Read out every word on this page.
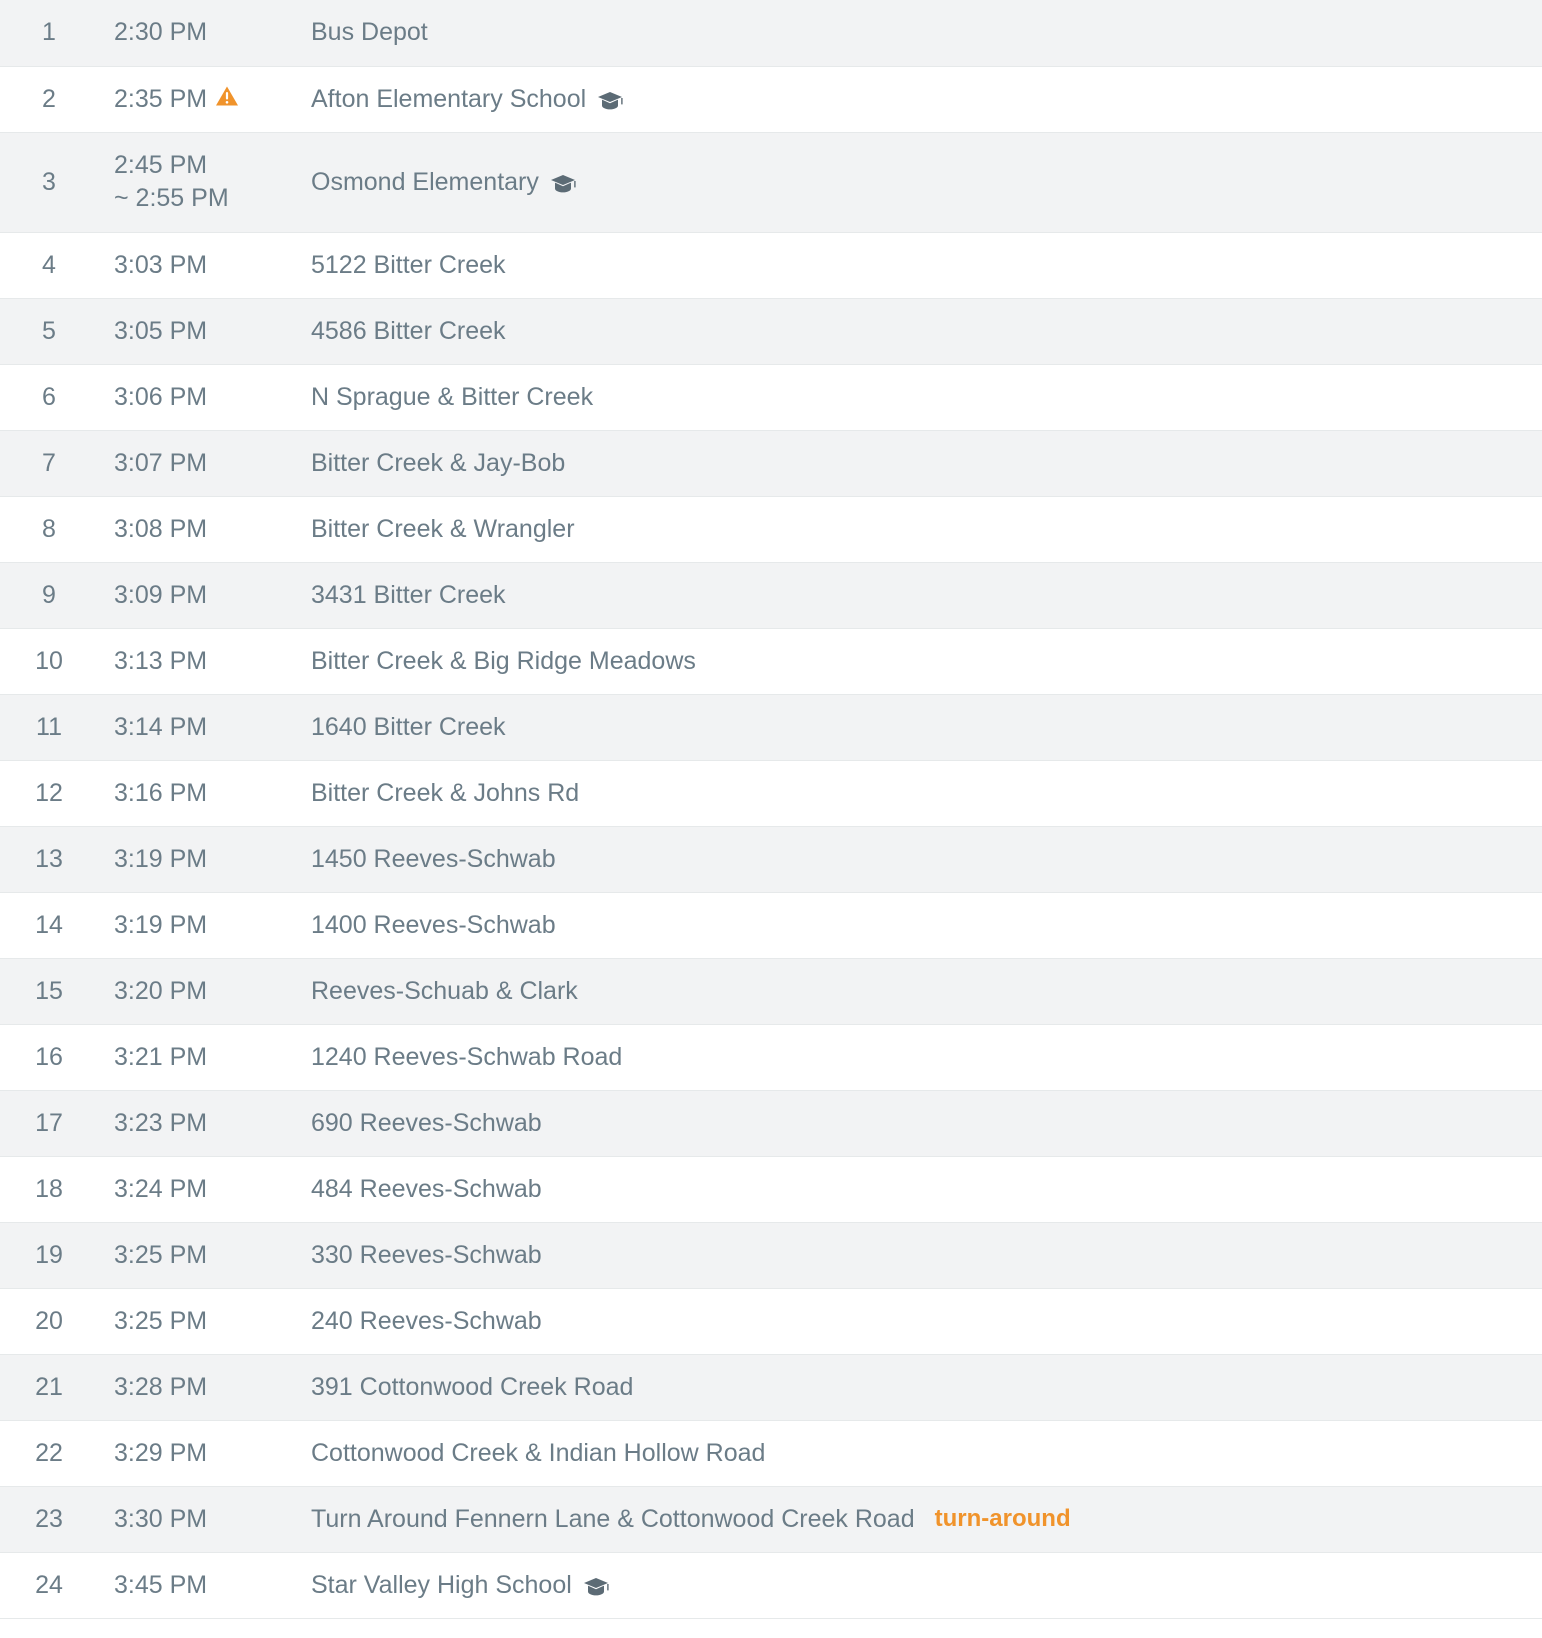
1	2:30 PM	Bus Depot

2	2:35 PM	Afton Elementary School

3	2:45 PM
~ 2:55 PM	Osmond Elementary

4	3:03 PM	5122 Bitter Creek

5	3:05 PM	4586 Bitter Creek

6	3:06 PM	N Sprague & Bitter Creek

7	3:07 PM	Bitter Creek & Jay-Bob

8	3:08 PM	Bitter Creek & Wrangler

9	3:09 PM	3431 Bitter Creek

10	3:13 PM	Bitter Creek & Big Ridge Meadows

11	3:14 PM	1640 Bitter Creek

12	3:16 PM	Bitter Creek & Johns Rd

13	3:19 PM	1450 Reeves-Schwab

14	3:19 PM	1400 Reeves-Schwab

15	3:20 PM	Reeves-Schuab & Clark

16	3:21 PM	1240 Reeves-Schwab Road

17	3:23 PM	690 Reeves-Schwab

18	3:24 PM	484 Reeves-Schwab

19	3:25 PM	330 Reeves-Schwab

20	3:25 PM	240 Reeves-Schwab

21	3:28 PM	391 Cottonwood Creek Road

22	3:29 PM	Cottonwood Creek & Indian Hollow Road

23	3:30 PM	Turn Around Fennern Lane & Cottonwood Creek Road turn-around

24	3:45 PM	Star Valley High School
